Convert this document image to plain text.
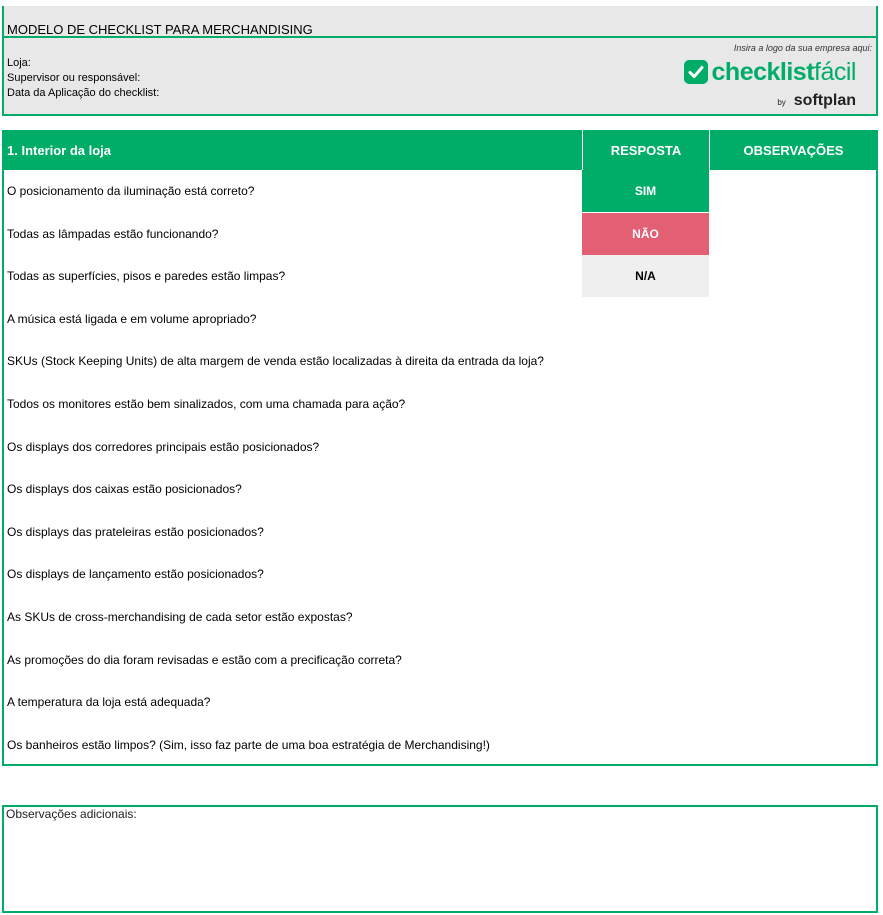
MODELO DE CHECKLIST PARA MERCHANDISING
Loja:
Supervisor ou responsável:
Data da Aplicação do checklist:
Insira a logo da sua empresa aqui:
checklistfácil
by softplan
1. Interior da loja	RESPOSTA	OBSERVAÇÕES
O posicionamento da iluminação está correto?	SIM
Todas as lâmpadas estão funcionando?	NÃO
Todas as superfícies, pisos e paredes estão limpas?	N/A
A música está ligada e em volume apropriado?
SKUs (Stock Keeping Units) de alta margem de venda estão localizadas à direita da entrada da loja?
Todos os monitores estão bem sinalizados, com uma chamada para ação?
Os displays dos corredores principais estão posicionados?
Os displays dos caixas estão posicionados?
Os displays das prateleiras estão posicionados?
Os displays de lançamento estão posicionados?
As SKUs de cross-merchandising de cada setor estão expostas?
As promoções do dia foram revisadas e estão com a precificação correta?
A temperatura da loja está adequada?
Os banheiros estão limpos? (Sim, isso faz parte de uma boa estratégia de Merchandising!)
Observações adicionais:
